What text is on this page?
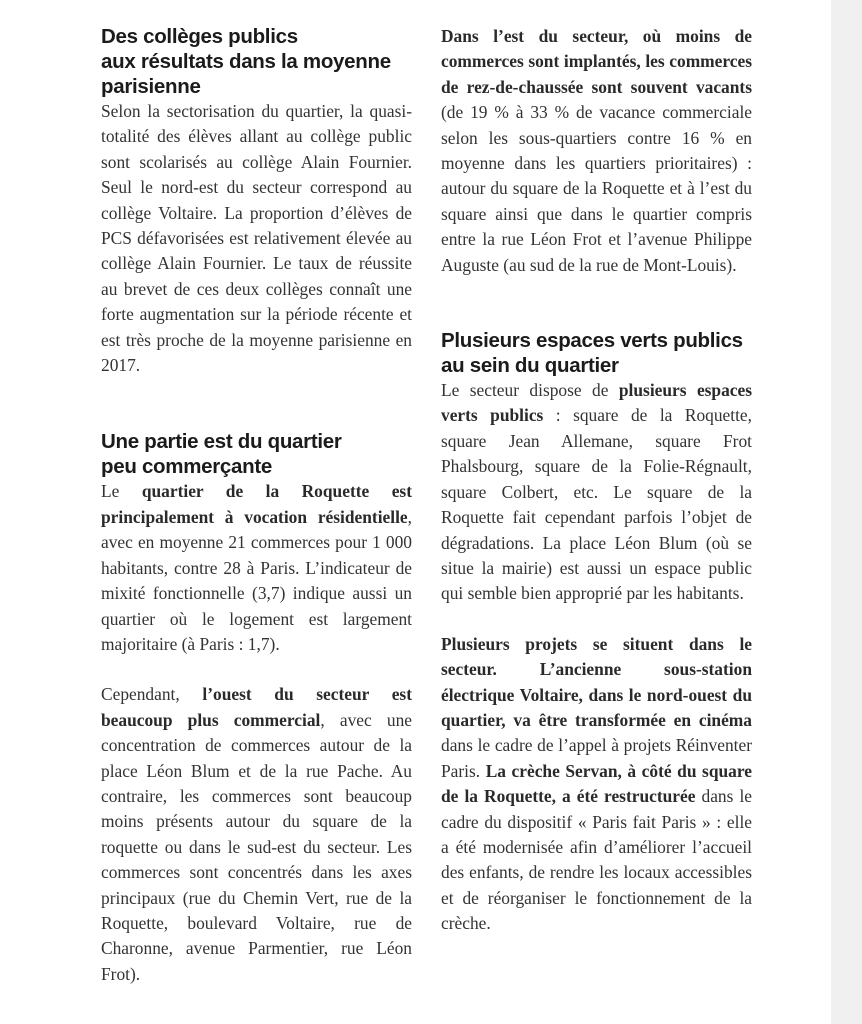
Des collèges publics
aux résultats dans la moyenne
parisienne

Selon la sectorisation du quartier, la quasi-totalité des élèves allant au collège public sont scolarisés au collège Alain Fournier. Seul le nord-est du secteur correspond au collège Voltaire. La proportion d’élèves de PCS défavorisées est relativement élevée au collège Alain Fournier. Le taux de réussite au brevet de ces deux collèges connaît une forte augmentation sur la période récente et est très proche de la moyenne parisienne en 2017.

Une partie est du quartier
peu commerçante

Le quartier de la Roquette est principalement à vocation résidentielle, avec en moyenne 21 commerces pour 1 000 habitants, contre 28 à Paris. L’indicateur de mixité fonctionnelle (3,7) indique aussi un quartier où le logement est largement majoritaire (à Paris : 1,7).

Cependant, l’ouest du secteur est beaucoup plus commercial, avec une concentration de commerces autour de la place Léon Blum et de la rue Pache. Au contraire, les commerces sont beaucoup moins présents autour du square de la roquette ou dans le sud-est du secteur. Les commerces sont concentrés dans les axes principaux (rue du Chemin Vert, rue de la Roquette, boulevard Voltaire, rue de Charonne, avenue Parmentier, rue Léon Frot).

Dans l’est du secteur, où moins de commerces sont implantés, les commerces de rez-de-chaussée sont souvent vacants (de 19 % à 33 % de vacance commerciale selon les sous-quartiers contre 16 % en moyenne dans les quartiers prioritaires) : autour du square de la Roquette et à l’est du square ainsi que dans le quartier compris entre la rue Léon Frot et l’avenue Philippe Auguste (au sud de la rue de Mont-Louis).

Plusieurs espaces verts publics
au sein du quartier

Le secteur dispose de plusieurs espaces verts publics : square de la Roquette, square Jean Allemane, square Frot Phalsbourg, square de la Folie-Régnault, square Colbert, etc. Le square de la Roquette fait cependant parfois l’objet de dégradations. La place Léon Blum (où se situe la mairie) est aussi un espace public qui semble bien approprié par les habitants.

Plusieurs projets se situent dans le secteur. L’ancienne sous-station électrique Voltaire, dans le nord-ouest du quartier, va être transformée en cinéma dans le cadre de l’appel à projets Réinventer Paris. La crèche Servan, à côté du square de la Roquette, a été restructurée dans le cadre du dispositif « Paris fait Paris » : elle a été modernisée afin d’améliorer l’accueil des enfants, de rendre les locaux accessibles et de réorganiser le fonctionnement de la crèche.
